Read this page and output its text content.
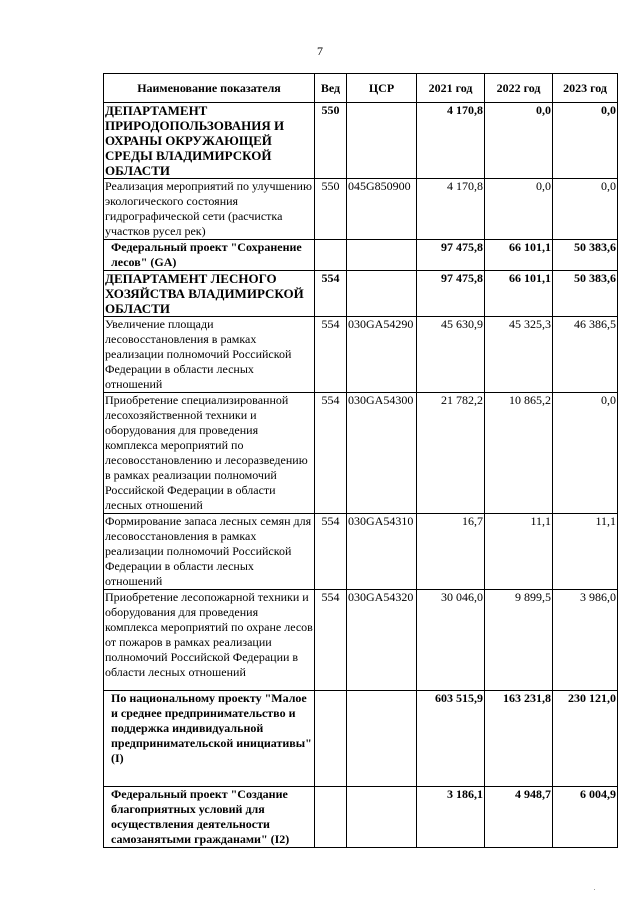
7
Наименование показателя	Вед	ЦСР	2021 год	2022 год	2023 год
ДЕПАРТАМЕНТ ПРИРОДОПОЛЬЗОВАНИЯ И ОХРАНЫ ОКРУЖАЮЩЕЙ СРЕДЫ ВЛАДИМИРСКОЙ ОБЛАСТИ	550		4 170,8	0,0	0,0
Реализация мероприятий по улучшению экологического состояния гидрографической сети (расчистка участков русел рек)	550	045G850900	4 170,8	0,0	0,0
Федеральный проект "Сохранение лесов" (GA)			97 475,8	66 101,1	50 383,6
ДЕПАРТАМЕНТ ЛЕСНОГО ХОЗЯЙСТВА ВЛАДИМИРСКОЙ ОБЛАСТИ	554		97 475,8	66 101,1	50 383,6
Увеличение площади лесовосстановления в рамках реализации полномочий Российской Федерации в области лесных отношений	554	030GA54290	45 630,9	45 325,3	46 386,5
Приобретение специализированной лесохозяйственной техники и оборудования для проведения комплекса мероприятий по лесовосстановлению и лесоразведению в рамках реализации полномочий Российской Федерации в области лесных отношений	554	030GA54300	21 782,2	10 865,2	0,0
Формирование запаса лесных семян для лесовосстановления в рамках реализации полномочий Российской Федерации в области лесных отношений	554	030GA54310	16,7	11,1	11,1
Приобретение лесопожарной техники и оборудования для проведения комплекса мероприятий по охране лесов от пожаров в рамках реализации полномочий Российской Федерации в области лесных отношений	554	030GA54320	30 046,0	9 899,5	3 986,0
По национальному проекту "Малое и среднее предпринимательство и поддержка индивидуальной предпринимательской инициативы" (I)			603 515,9	163 231,8	230 121,0
Федеральный проект "Создание благоприятных условий для осуществления деятельности самозанятыми гражданами" (I2)			3 186,1	4 948,7	6 004,9
